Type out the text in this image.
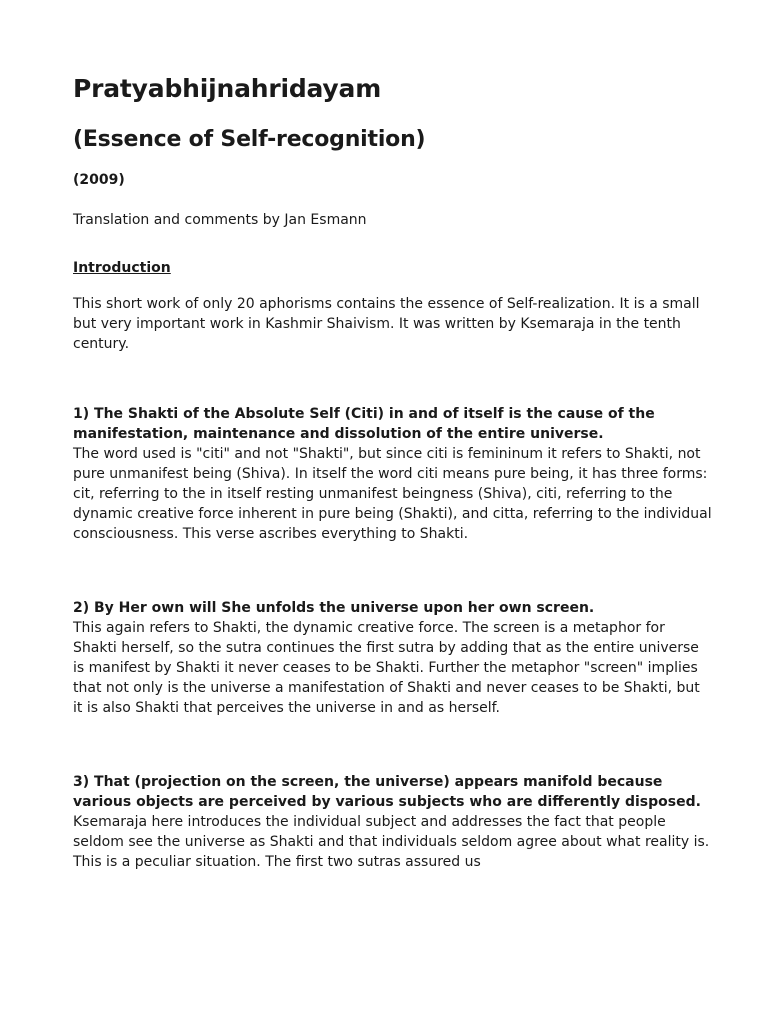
Pratyabhijnahridayam
(Essence of Self-recognition)

(2009)

Translation and comments by Jan Esmann

Introduction

This short work of only 20 aphorisms contains the essence of Self-realization. It is a small but very important work in Kashmir Shaivism. It was written by Ksemaraja in the tenth century.

1) The Shakti of the Absolute Self (Citi) in and of itself is the cause of the manifestation, maintenance and dissolution of the entire universe.

The word used is "citi" and not "Shakti", but since citi is femininum it refers to Shakti, not pure unmanifest being (Shiva). In itself the word citi means pure being, it has three forms: cit, referring to the in itself resting unmanifest beingness (Shiva), citi, referring to the dynamic creative force inherent in pure being (Shakti), and citta, referring to the individual consciousness. This verse ascribes everything to Shakti.

2) By Her own will She unfolds the universe upon her own screen.

This again refers to Shakti, the dynamic creative force. The screen is a metaphor for Shakti herself, so the sutra continues the first sutra by adding that as the entire universe is manifest by Shakti it never ceases to be Shakti. Further the metaphor "screen" implies that not only is the universe a manifestation of Shakti and never ceases to be Shakti, but it is also Shakti that perceives the universe in and as herself.

3) That (projection on the screen, the universe) appears manifold because various objects are perceived by various subjects who are differently disposed.

Ksemaraja here introduces the individual subject and addresses the fact that people seldom see the universe as Shakti and that individuals seldom agree about what reality is. This is a peculiar situation. The first two sutras assured us
